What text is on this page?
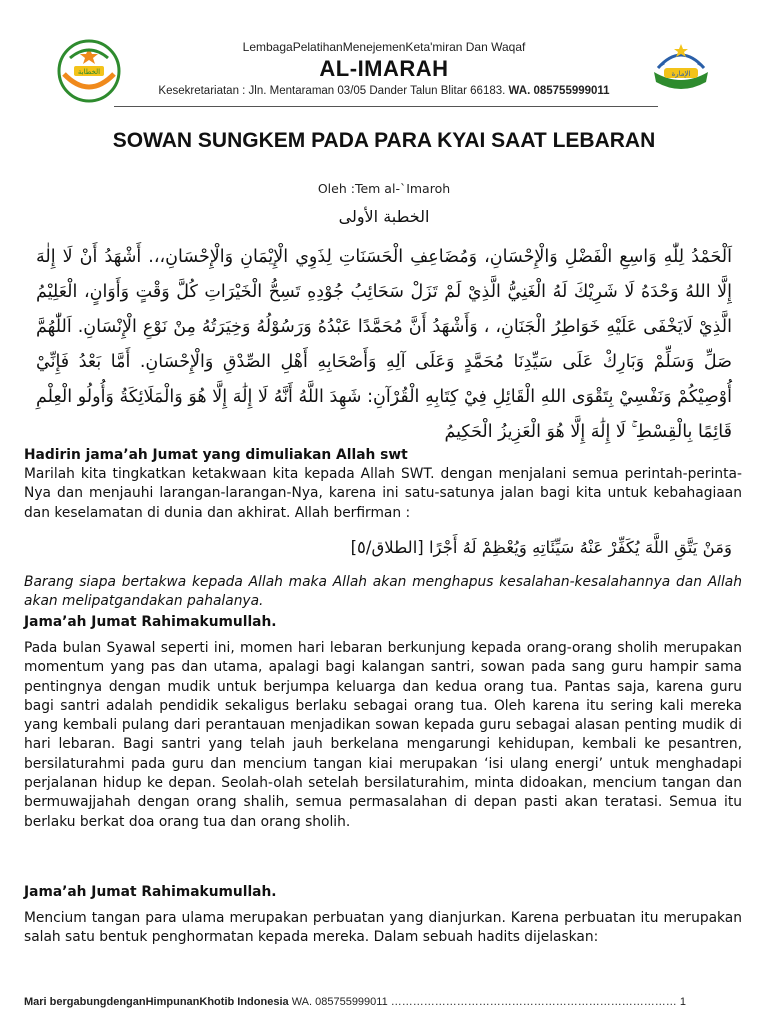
الخطابة
LembagaPelatihanMenejemenKeta'miran Dan Waqaf
AL-IMARAH
Kesekretariatan : Jln. Mentaraman 03/05 Dander Talun Blitar 66183. WA. 085755999011
الإمارة
SOWAN SUNGKEM PADA PARA KYAI SAAT LEBARAN
Oleh :Tem al-`Imaroh
الخطبة الأولى
اَلْحَمْدُ لِلّٰهِ وَاسِعِ الْفَضْلِ وَالْإِحْسَانِ، وَمُضَاعِفِ الْحَسَنَاتِ لِذَوِي الْإِيْمَانِ وَالْإِحْسَانِ،،. أَشْهَدُ أَنْ لَا إِلٰهَ إِلَّا اللهُ وَحْدَهُ لَا شَرِيْكَ لَهُ الْغَنِيُّ الَّذِيْ لَمْ تَزَلْ سَحَائِبُ جُوْدِهِ تَسِحُّ الْخَيْرَاتِ كُلَّ وَقْتٍ وَأَوَانٍ، الْعَلِيْمُ الَّذِيْ لَايَخْفَى عَلَيْهِ خَوَاطِرُ الْجَنَانِ، ، وَأَشْهَدُ أَنَّ مُحَمَّدًا عَبْدُهُ وَرَسُوْلُهُ وَخِيَرَتُهُ مِنْ نَوْعِ الْإِنْسَانِ. اَللّٰهُمَّ صَلِّ وَسَلِّمْ وَبَارِكْ عَلَى سَيِّدِنَا مُحَمَّدٍ وَعَلَى آلِهِ وَأَصْحَابِهِ أَهْلِ الصِّدْقِ وَالْإِحْسَانِ. أَمَّا بَعْدُ فَإِنِّيْ أُوْصِيْكُمْ وَنَفْسِيْ بِتَقْوَى اللهِ الْقَائِلِ فِيْ كِتَابِهِ الْقُرْآنِ: شَهِدَ اللَّهُ أَنَّهُ لَا إِلَٰهَ إِلَّا هُوَ وَالْمَلَائِكَةُ وَأُولُو الْعِلْمِ قَائِمًا بِالْقِسْطِ ۚ لَا إِلَٰهَ إِلَّا هُوَ الْعَزِيزُ الْحَكِيمُ
Hadirin jama’ah Jumat yang dimuliakan Allah swt
Marilah kita tingkatkan ketakwaan kita kepada Allah SWT. dengan menjalani semua perintah-perinta-Nya dan menjauhi larangan-larangan-Nya, karena ini satu-satunya jalan bagi kita untuk kebahagiaan dan keselamatan di dunia dan akhirat. Allah berfirman :
وَمَنْ يَتَّقِ اللَّهَ يُكَفِّرْ عَنْهُ سَيِّئَاتِهِ وَيُعْظِمْ لَهُ أَجْرًا [الطلاق/٥]
Barang siapa bertakwa kepada Allah maka Allah akan menghapus kesalahan-kesalahannya dan Allah akan melipatgandakan pahalanya.
Jama’ah Jumat Rahimakumullah.
Pada bulan Syawal seperti ini, momen hari lebaran berkunjung kepada orang-orang sholih merupakan momentum yang pas dan utama, apalagi bagi kalangan santri, sowan pada sang guru hampir sama pentingnya dengan mudik untuk berjumpa keluarga dan kedua orang tua. Pantas saja, karena guru bagi santri adalah pendidik sekaligus berlaku sebagai orang tua. Oleh karena itu sering kali mereka yang kembali pulang dari perantauan menjadikan sowan kepada guru sebagai alasan penting mudik di hari lebaran. Bagi santri yang telah jauh berkelana mengarungi kehidupan, kembali ke pesantren, bersilaturahmi pada guru dan mencium tangan kiai merupakan ‘isi ulang energi’ untuk menghadapi perjalanan hidup ke depan. Seolah-olah setelah bersilaturahim, minta didoakan, mencium tangan dan bermuwajjahah dengan orang shalih, semua permasalahan di depan pasti akan teratasi. Semua itu berlaku berkat doa orang tua dan orang sholih.
Jama’ah Jumat Rahimakumullah.
Mencium tangan para ulama merupakan perbuatan yang dianjurkan. Karena perbuatan itu merupakan salah satu bentuk penghormatan kepada mereka. Dalam sebuah hadits dijelaskan:
Mari bergabungdenganHimpunanKhotib Indonesia WA. 085755999011 …………………………………………………………………… 1
